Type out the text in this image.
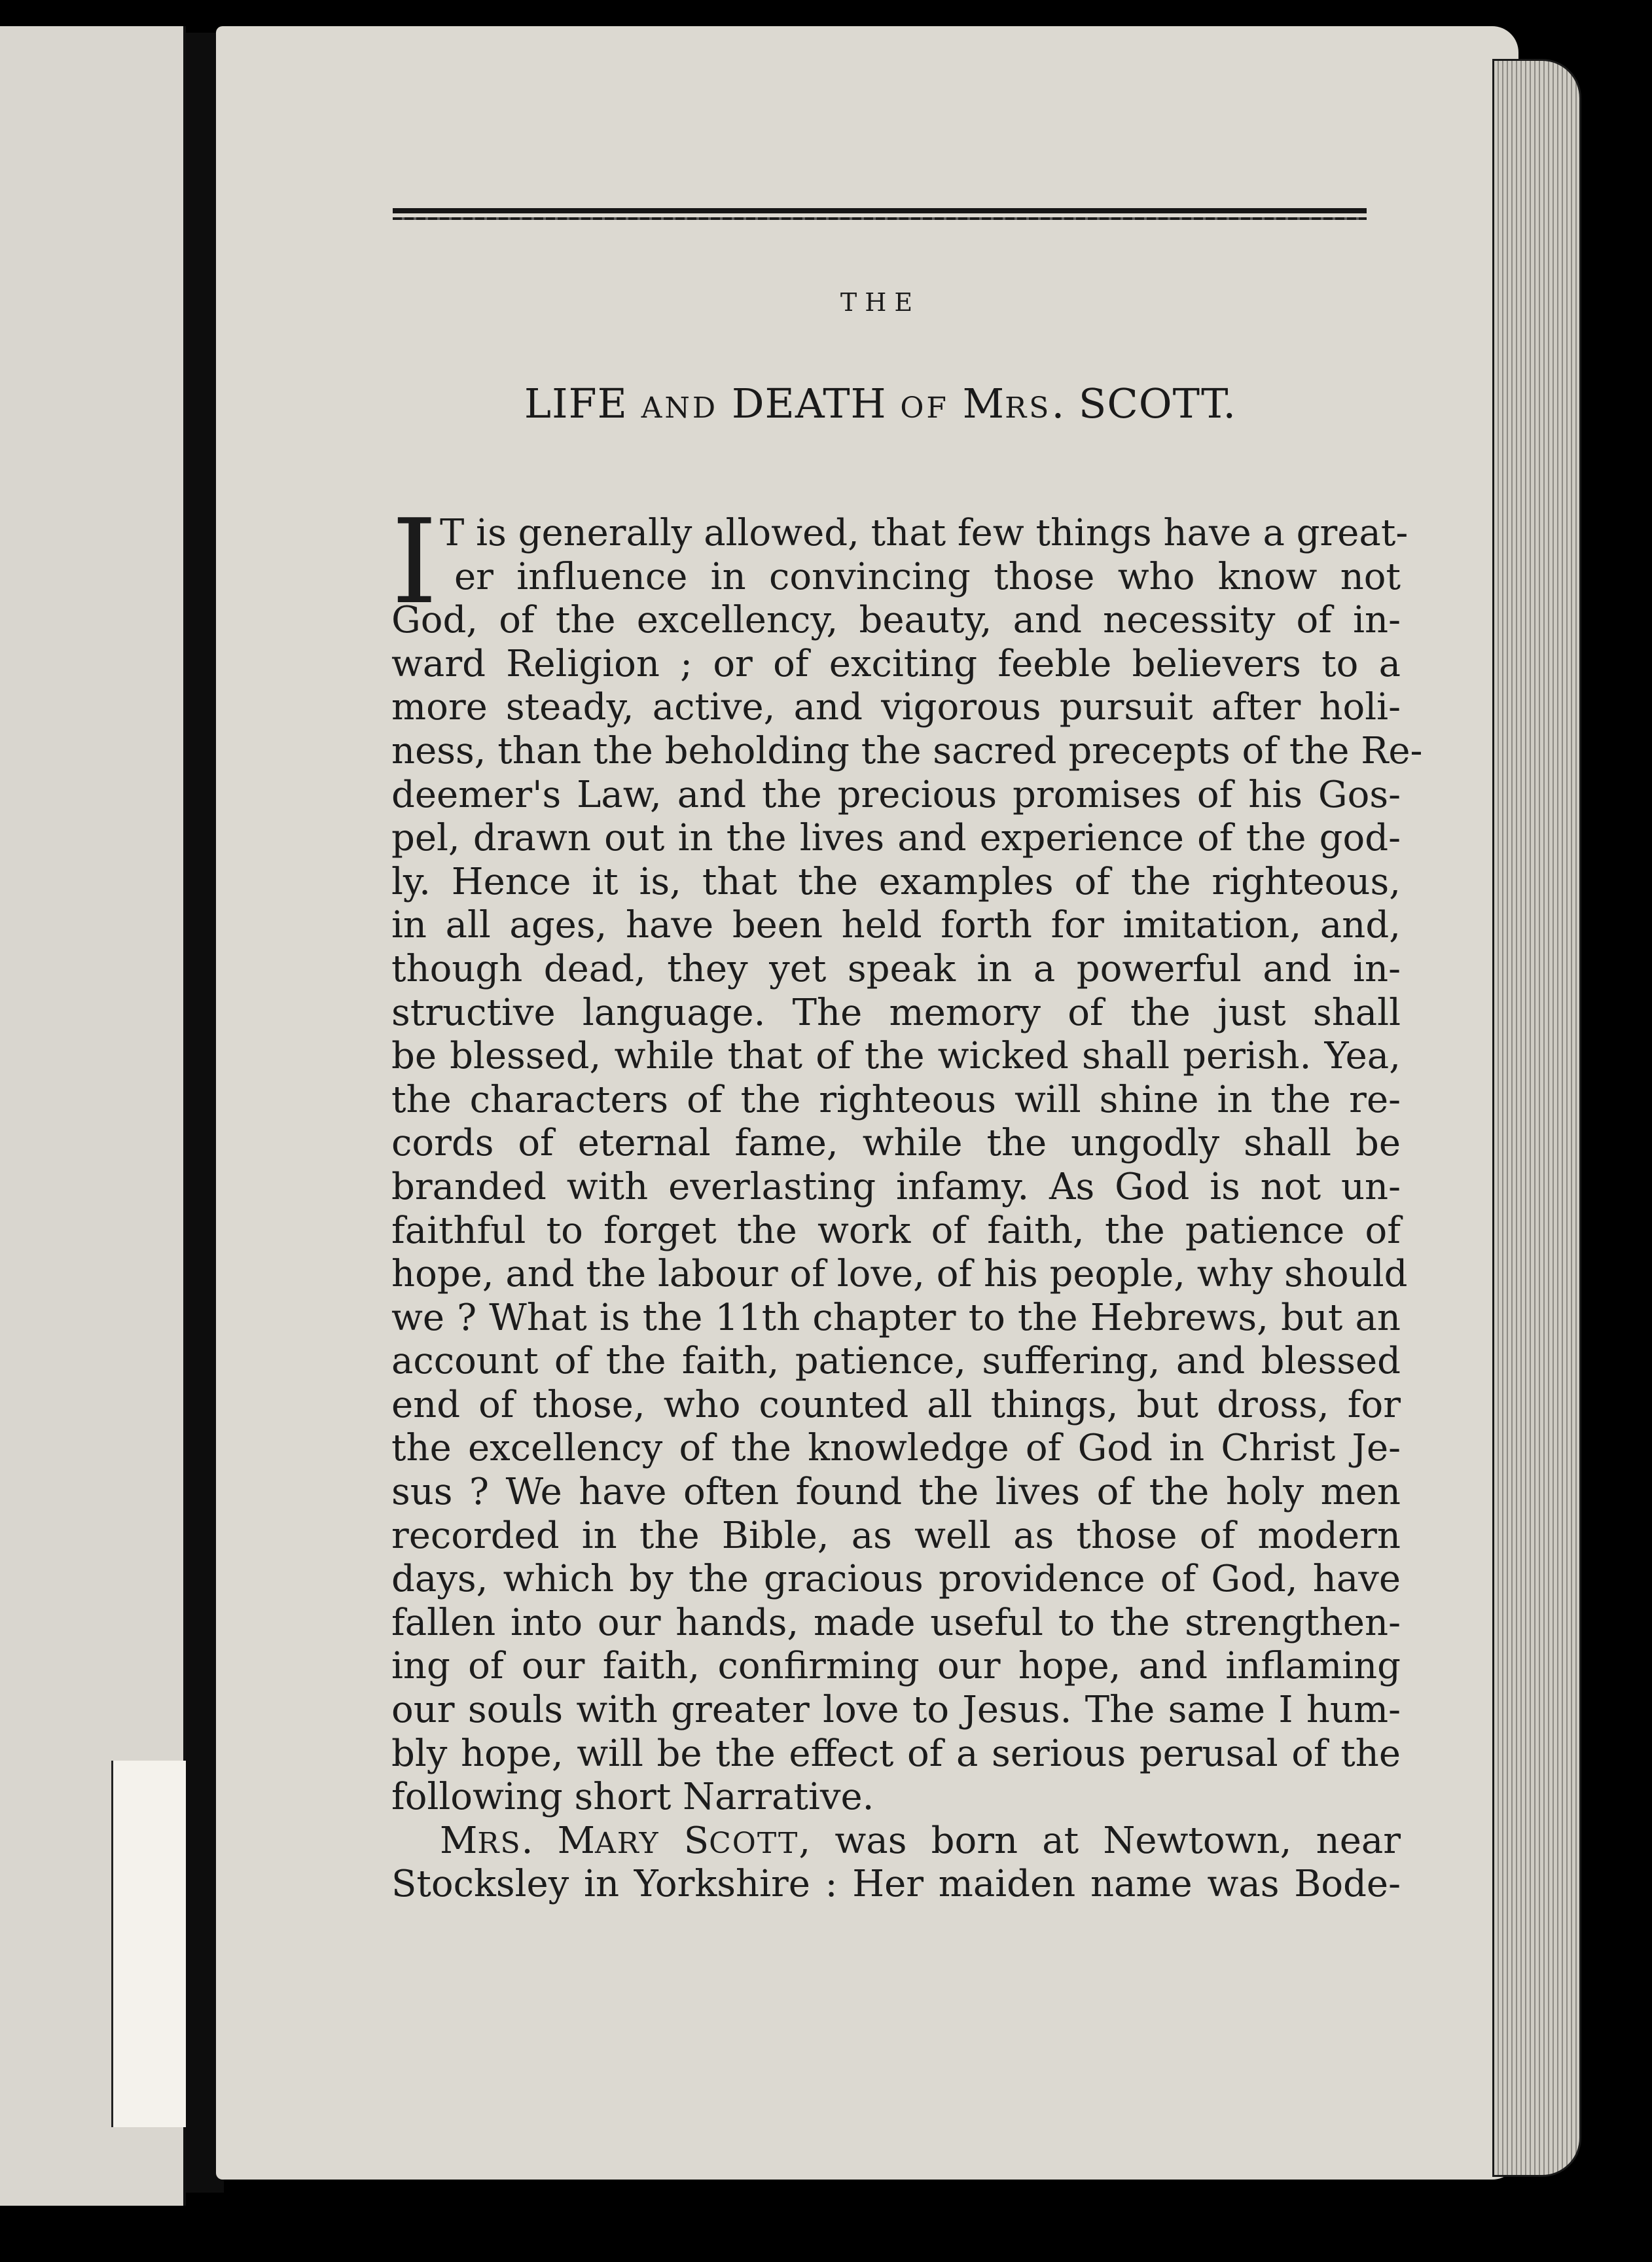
THE
LIFE AND DEATH OF MRS. SCOTT.
I T is generally allowed, that few things have a great-
er influence in convincing those who know not
God, of the excellency, beauty, and necessity of in-
ward Religion ; or of exciting feeble believers to a
more steady, active, and vigorous pursuit after holi-
ness, than the beholding the sacred precepts of the Re-
deemer's Law, and the precious promises of his Gos-
pel, drawn out in the lives and experience of the god-
ly. Hence it is, that the examples of the righteous,
in all ages, have been held forth for imitation, and,
though dead, they yet speak in a powerful and in-
structive language. The memory of the just shall
be blessed, while that of the wicked shall perish. Yea,
the characters of the righteous will shine in the re-
cords of eternal fame, while the ungodly shall be
branded with everlasting infamy. As God is not un-
faithful to forget the work of faith, the patience of
hope, and the labour of love, of his people, why should
we ? What is the 11th chapter to the Hebrews, but an
account of the faith, patience, suffering, and blessed
end of those, who counted all things, but dross, for
the excellency of the knowledge of God in Christ Je-
sus ? We have often found the lives of the holy men
recorded in the Bible, as well as those of modern
days, which by the gracious providence of God, have
fallen into our hands, made useful to the strengthen-
ing of our faith, confirming our hope, and inflaming
our souls with greater love to Jesus. The same I hum-
bly hope, will be the effect of a serious perusal of the
following short Narrative.
MRS. MARY SCOTT, was born at Newtown, near
Stocksley in Yorkshire : Her maiden name was Bode-
